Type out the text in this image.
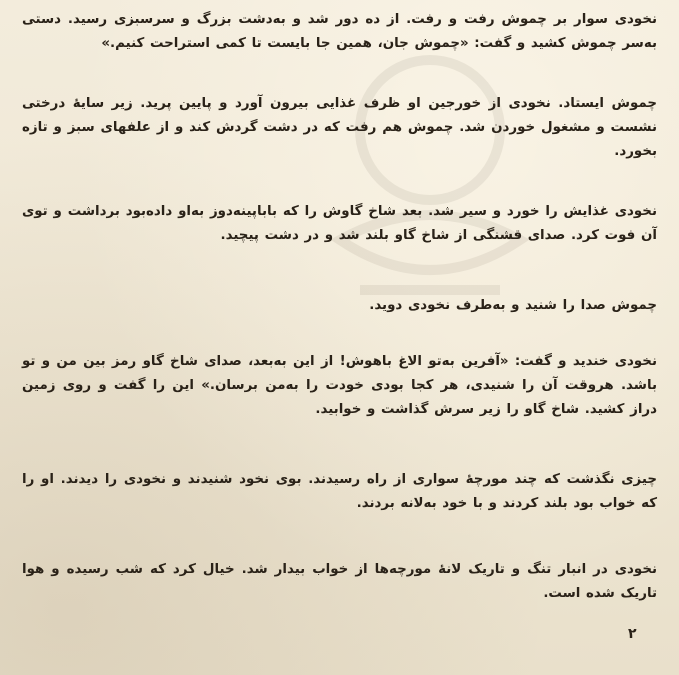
نخودی سوار بر چموش رفت و رفت. از ده دور شد و به‌دشت بزرگ و سرسبزی رسید. دستی به‌سر چموش کشید و گفت: «چموش جان، همین جا بایست تا کمی استراحت کنیم.»

چموش ایستاد. نخودی از خورجین او ظرف غذایی بیرون آورد و پایین پرید. زیر سایهٔ درختی نشست و مشغول خوردن شد. چموش هم رفت که در دشت گردش کند و از علفهای سبز و تازه بخورد.

نخودی غذایش را خورد و سیر شد. بعد شاخ گاوش را که باباپینه‌دوز به‌او داده‌بود برداشت و توی آن فوت کرد. صدای قشنگی از شاخ گاو بلند شد و در دشت پیچید.

چموش صدا را شنید و به‌طرف نخودی دوید.

نخودی خندید و گفت: «آفرین به‌تو الاغ باهوش! از این به‌بعد، صدای شاخ گاو رمز بین من و تو باشد. هروقت آن را شنیدی، هر کجا بودی خودت را به‌من برسان.» این را گفت و روی زمین دراز کشید. شاخ گاو را زیر سرش گذاشت و خوابید.

چیزی نگذشت که چند مورچهٔ سواری از راه رسیدند. بوی نخود شنیدند و نخودی را دیدند. او را که خواب بود بلند کردند و با خود به‌لانه بردند.

نخودی در انبار تنگ و تاریک لانهٔ مورچه‌ها از خواب بیدار شد. خیال کرد که شب رسیده و هوا تاریک شده است.

۲
